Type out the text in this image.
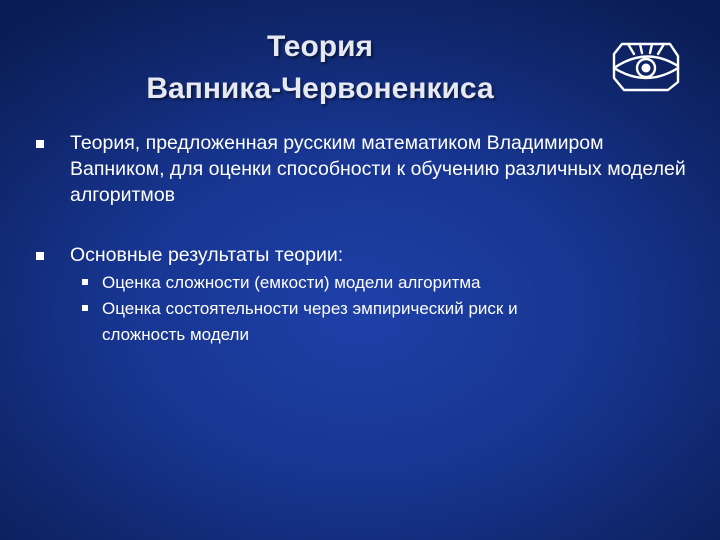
Теория
Вапника-Червоненкиса
Теория, предложенная русским математиком Владимиром Вапником, для оценки способности к обучению различных моделей алгоритмов
Основные результаты теории:
Оценка сложности (емкости) модели алгоритма
Оценка состоятельности через эмпирический риск и сложность модели
